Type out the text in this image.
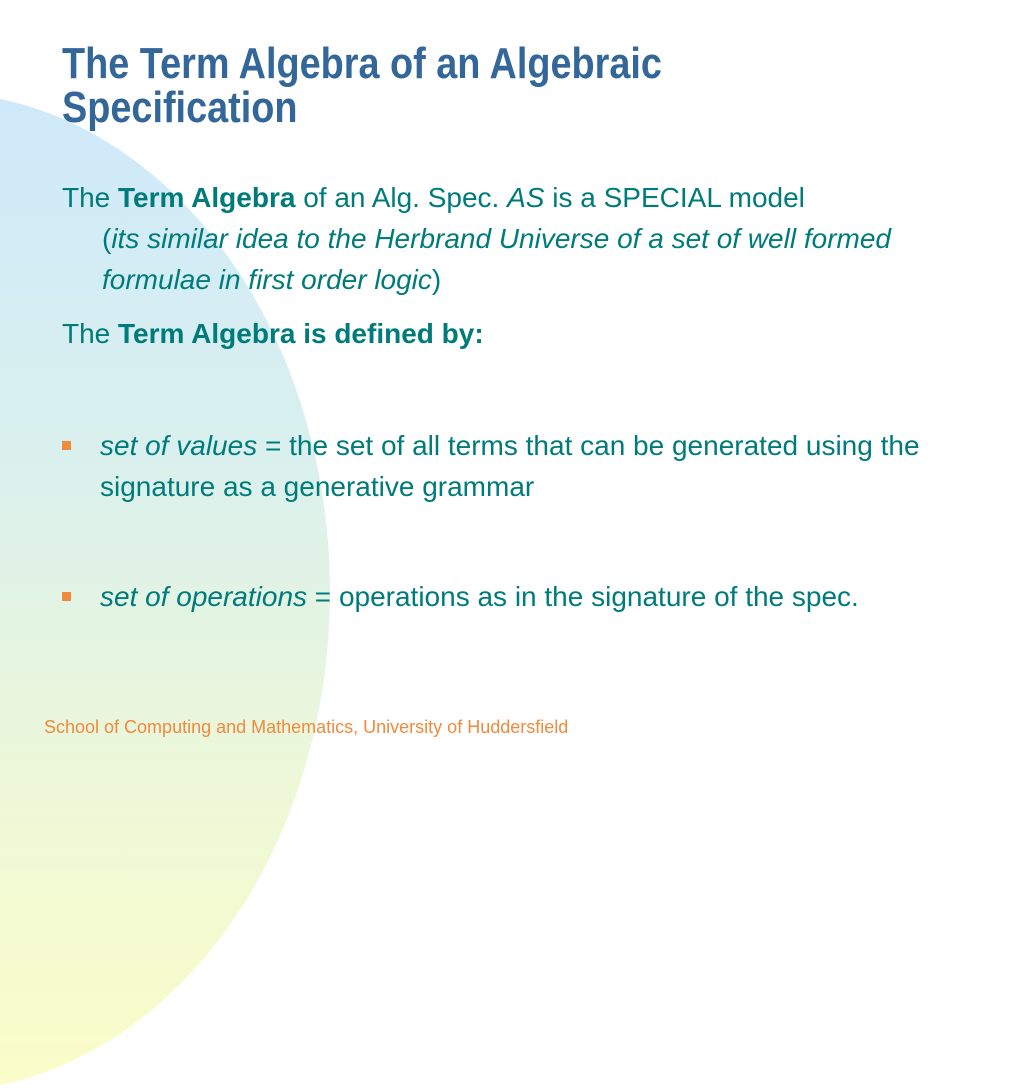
The Term Algebra of an Algebraic
Specification

The Term Algebra of an Alg. Spec. AS is a SPECIAL model
(its similar idea to the Herbrand Universe of a set of well formed formulae in first order logic)

The Term Algebra is defined by:

set of values = the set of all terms that can be generated using the signature as a generative grammar
set of operations = operations as in the signature of the spec.
School of Computing and Mathematics, University of Huddersfield
